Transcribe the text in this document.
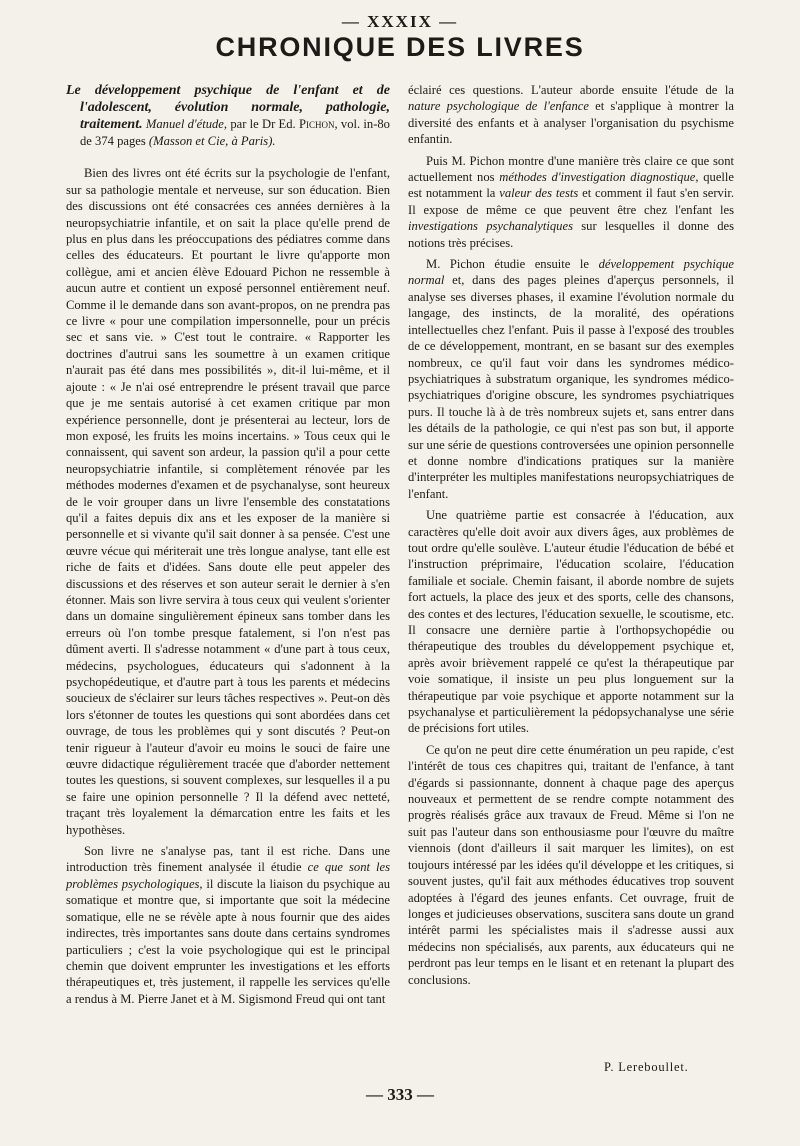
— XXXIX —
CHRONIQUE DES LIVRES

Le développement psychique de l'enfant et de l'adolescent, évolution normale, pathologie, traitement. Manuel d'étude, par le Dr Ed. Pichon, vol. in-8o de 374 pages (Masson et Cie, à Paris).

Bien des livres ont été écrits sur la psychologie de l'enfant, sur sa pathologie mentale et nerveuse, sur son éducation. Bien des discussions ont été consacrées ces années dernières à la neuropsychiatrie infantile, et on sait la place qu'elle prend de plus en plus dans les préoccupations des pédiatres comme dans celles des éducateurs. Et pourtant le livre qu'apporte mon collègue, ami et ancien élève Edouard Pichon ne ressemble à aucun autre et contient un exposé personnel entièrement neuf. Comme il le demande dans son avant-propos, on ne prendra pas ce livre « pour une compilation impersonnelle, pour un précis sec et sans vie. » C'est tout le contraire. « Rapporter les doctrines d'autrui sans les soumettre à un examen critique n'aurait pas été dans mes possibilités », dit-il lui-même, et il ajoute : « Je n'ai osé entreprendre le présent travail que parce que je me sentais autorisé à cet examen critique par mon expérience personnelle, dont je présenterai au lecteur, lors de mon exposé, les fruits les moins incertains. » Tous ceux qui le connaissent, qui savent son ardeur, la passion qu'il a pour cette neuropsychiatrie infantile, si complètement rénovée par les méthodes modernes d'examen et de psychanalyse, sont heureux de le voir grouper dans un livre l'ensemble des constatations qu'il a faites depuis dix ans et les exposer de la manière si personnelle et si vivante qu'il sait donner à sa pensée. C'est une œuvre vécue qui mériterait une très longue analyse, tant elle est riche de faits et d'idées. Sans doute elle peut appeler des discussions et des réserves et son auteur serait le dernier à s'en étonner. Mais son livre servira à tous ceux qui veulent s'orienter dans un domaine singulièrement épineux sans tomber dans les erreurs où l'on tombe presque fatalement, si l'on n'est pas dûment averti. Il s'adresse notamment « d'une part à tous ceux, médecins, psychologues, éducateurs qui s'adonnent à la psychopédeutique, et d'autre part à tous les parents et médecins soucieux de s'éclairer sur leurs tâches respectives ». Peut-on dès lors s'étonner de toutes les questions qui sont abordées dans cet ouvrage, de tous les problèmes qui y sont discutés ? Peut-on tenir rigueur à l'auteur d'avoir eu moins le souci de faire une œuvre didactique régulièrement tracée que d'aborder nettement toutes les questions, si souvent complexes, sur lesquelles il a pu se faire une opinion personnelle ? Il la défend avec netteté, traçant très loyalement la démarcation entre les faits et les hypothèses.

Son livre ne s'analyse pas, tant il est riche. Dans une introduction très finement analysée il étudie ce que sont les problèmes psychologiques, il discute la liaison du psychique au somatique et montre que, si importante que soit la médecine somatique, elle ne se révèle apte à nous fournir que des aides indirectes, très importantes sans doute dans certains syndromes particuliers ; c'est la voie psychologique qui est le principal chemin que doivent emprunter les investigations et les efforts thérapeutiques et, très justement, il rappelle les services qu'elle a rendus à M. Pierre Janet et à M. Sigismond Freud qui ont tant

éclairé ces questions. L'auteur aborde ensuite l'étude de la nature psychologique de l'enfance et s'applique à montrer la diversité des enfants et à analyser l'organisation du psychisme enfantin.

Puis M. Pichon montre d'une manière très claire ce que sont actuellement nos méthodes d'investigation diagnostique, quelle est notamment la valeur des tests et comment il faut s'en servir. Il expose de même ce que peuvent être chez l'enfant les investigations psychanalytiques sur lesquelles il donne des notions très précises.

M. Pichon étudie ensuite le développement psychique normal et, dans des pages pleines d'aperçus personnels, il analyse ses diverses phases, il examine l'évolution normale du langage, des instincts, de la moralité, des opérations intellectuelles chez l'enfant. Puis il passe à l'exposé des troubles de ce développement, montrant, en se basant sur des exemples nombreux, ce qu'il faut voir dans les syndromes médico-psychiatriques à substratum organique, les syndromes médico-psychiatriques d'origine obscure, les syndromes psychiatriques purs. Il touche là à de très nombreux sujets et, sans entrer dans les détails de la pathologie, ce qui n'est pas son but, il apporte sur une série de questions controversées une opinion personnelle et donne nombre d'indications pratiques sur la manière d'interpréter les multiples manifestations neuropsychiatriques de l'enfant.

Une quatrième partie est consacrée à l'éducation, aux caractères qu'elle doit avoir aux divers âges, aux problèmes de tout ordre qu'elle soulève. L'auteur étudie l'éducation de bébé et l'instruction préprimaire, l'éducation scolaire, l'éducation familiale et sociale. Chemin faisant, il aborde nombre de sujets fort actuels, la place des jeux et des sports, celle des chansons, des contes et des lectures, l'éducation sexuelle, le scoutisme, etc. Il consacre une dernière partie à l'orthopsychopédie ou thérapeutique des troubles du développement psychique et, après avoir brièvement rappelé ce qu'est la thérapeutique par voie somatique, il insiste un peu plus longuement sur la thérapeutique par voie psychique et apporte notamment sur la psychanalyse et particulièrement la pédopsychanalyse une série de précisions fort utiles.

Ce qu'on ne peut dire cette énumération un peu rapide, c'est l'intérêt de tous ces chapitres qui, traitant de l'enfance, à tant d'égards si passionnante, donnent à chaque page des aperçus nouveaux et permettent de se rendre compte notamment des progrès réalisés grâce aux travaux de Freud. Même si l'on ne suit pas l'auteur dans son enthousiasme pour l'œuvre du maître viennois (dont d'ailleurs il sait marquer les limites), on est toujours intéressé par les idées qu'il développe et les critiques, si souvent justes, qu'il fait aux méthodes éducatives trop souvent adoptées à l'égard des jeunes enfants. Cet ouvrage, fruit de longes et judicieuses observations, suscitera sans doute un grand intérêt parmi les spécialistes mais il s'adresse aussi aux médecins non spécialisés, aux parents, aux éducateurs qui ne perdront pas leur temps en le lisant et en retenant la plupart des conclusions.

P. Lereboullet.
— 333 —
